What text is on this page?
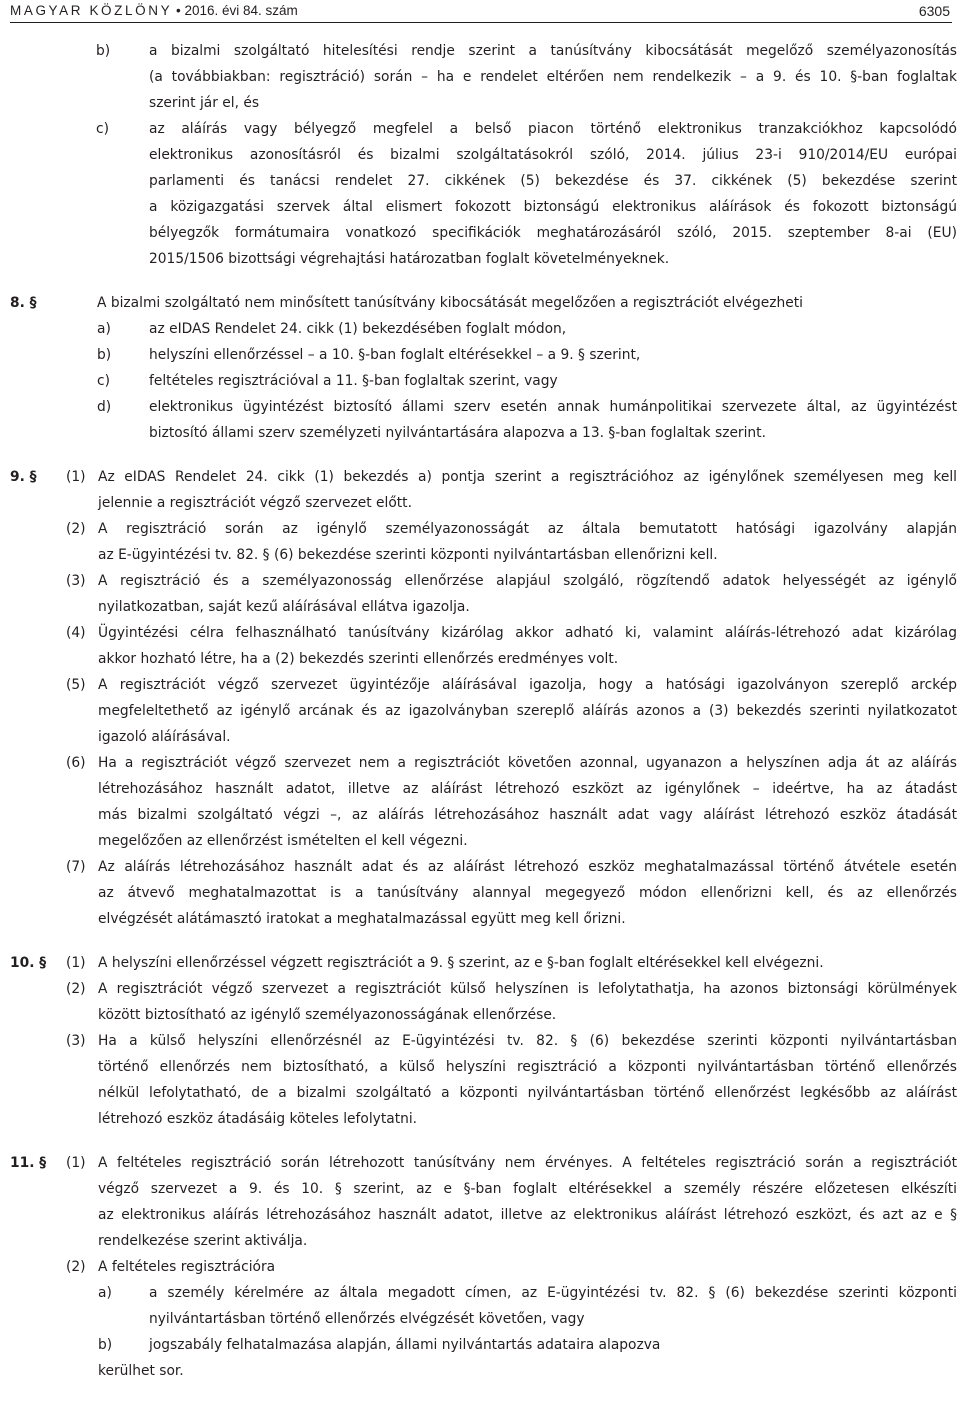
MAGYAR KÖZLÖNY • 2016. évi 84. szám	6305
b)	a bizalmi szolgáltató hitelesítési rendje szerint a tanúsítvány kibocsátását megelőző személyazonosítás
(a továbbiakban: regisztráció) során – ha e rendelet eltérően nem rendelkezik – a 9. és 10. §-ban foglaltak
szerint jár el, és
c)	az aláírás vagy bélyegző megfelel a belső piacon történő elektronikus tranzakciókhoz kapcsolódó
elektronikus azonosításról és bizalmi szolgáltatásokról szóló, 2014. július 23-i 910/2014/EU európai
parlamenti és tanácsi rendelet 27. cikkének (5) bekezdése és 37. cikkének (5) bekezdése szerint
a közigazgatási szervek által elismert fokozott biztonságú elektronikus aláírások és fokozott biztonságú
bélyegzők formátumaira vonatkozó specifikációk meghatározásáról szóló, 2015. szeptember 8-ai (EU)
2015/1506 bizottsági végrehajtási határozatban foglalt követelményeknek.
8. §	A bizalmi szolgáltató nem minősített tanúsítvány kibocsátását megelőzően a regisztrációt elvégezheti
a)	az eIDAS Rendelet 24. cikk (1) bekezdésében foglalt módon,
b)	helyszíni ellenőrzéssel – a 10. §-ban foglalt eltérésekkel – a 9. § szerint,
c)	feltételes regisztrációval a 11. §-ban foglaltak szerint, vagy
d)	elektronikus ügyintézést biztosító állami szerv esetén annak humánpolitikai szervezete által, az ügyintézést
biztosító állami szerv személyzeti nyilvántartására alapozva a 13. §-ban foglaltak szerint.
9. § (1) Az eIDAS Rendelet 24. cikk (1) bekezdés a) pontja szerint a regisztrációhoz az igénylőnek személyesen meg kell
jelennie a regisztrációt végző szervezet előtt.
(2) A regisztráció során az igénylő személyazonosságát az általa bemutatott hatósági igazolvány alapján
az E-ügyintézési tv. 82. § (6) bekezdése szerinti központi nyilvántartásban ellenőrizni kell.
(3) A regisztráció és a személyazonosság ellenőrzése alapjául szolgáló, rögzítendő adatok helyességét az igénylő
nyilatkozatban, saját kezű aláírásával ellátva igazolja.
(4) Ügyintézési célra felhasználható tanúsítvány kizárólag akkor adható ki, valamint aláírás-létrehozó adat kizárólag
akkor hozható létre, ha a (2) bekezdés szerinti ellenőrzés eredményes volt.
(5) A regisztrációt végző szervezet ügyintézője aláírásával igazolja, hogy a hatósági igazolványon szereplő arckép
megfeleltethető az igénylő arcának és az igazolványban szereplő aláírás azonos a (3) bekezdés szerinti nyilatkozatot
igazoló aláírásával.
(6) Ha a regisztrációt végző szervezet nem a regisztrációt követően azonnal, ugyanazon a helyszínen adja át az aláírás
létrehozásához használt adatot, illetve az aláírást létrehozó eszközt az igénylőnek – ideértve, ha az átadást
más bizalmi szolgáltató végzi –, az aláírás létrehozásához használt adat vagy aláírást létrehozó eszköz átadását
megelőzően az ellenőrzést ismételten el kell végezni.
(7) Az aláírás létrehozásához használt adat és az aláírást létrehozó eszköz meghatalmazással történő átvétele esetén
az átvevő meghatalmazottat is a tanúsítvány alannyal megegyező módon ellenőrizni kell, és az ellenőrzés
elvégzését alátámasztó iratokat a meghatalmazással együtt meg kell őrizni.
10. § (1) A helyszíni ellenőrzéssel végzett regisztrációt a 9. § szerint, az e §-ban foglalt eltérésekkel kell elvégezni.
(2) A regisztrációt végző szervezet a regisztrációt külső helyszínen is lefolytathatja, ha azonos biztonsági körülmények
között biztosítható az igénylő személyazonosságának ellenőrzése.
(3) Ha a külső helyszíni ellenőrzésnél az E-ügyintézési tv. 82. § (6) bekezdése szerinti központi nyilvántartásban
történő ellenőrzés nem biztosítható, a külső helyszíni regisztráció a központi nyilvántartásban történő ellenőrzés
nélkül lefolytatható, de a bizalmi szolgáltató a központi nyilvántartásban történő ellenőrzést legkésőbb az aláírást
létrehozó eszköz átadásáig köteles lefolytatni.
11. § (1) A feltételes regisztráció során létrehozott tanúsítvány nem érvényes. A feltételes regisztráció során a regisztrációt
végző szervezet a 9. és 10. § szerint, az e §-ban foglalt eltérésekkel a személy részére előzetesen elkészíti
az elektronikus aláírás létrehozásához használt adatot, illetve az elektronikus aláírást létrehozó eszközt, és azt az e §
rendelkezése szerint aktiválja.
(2) A feltételes regisztrációra
a)	a személy kérelmére az általa megadott címen, az E-ügyintézési tv. 82. § (6) bekezdése szerinti központi
nyilvántartásban történő ellenőrzés elvégzését követően, vagy
b)	jogszabály felhatalmazása alapján, állami nyilvántartás adataira alapozva
kerülhet sor.
